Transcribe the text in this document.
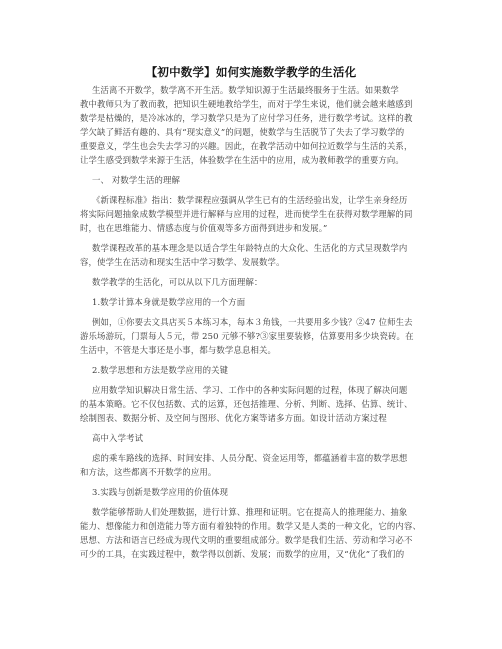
【初中数学】如何实施数学教学的生活化
生活离不开数学，数学离不开生活。数学知识源于生活最终服务于生活。如果数学
教中教师只为了教而教，把知识生硬地教给学生，而对于学生来说，他们就会越来越感到
数学是枯燥的，是冷冰冰的，学习数学只是为了应付学习任务，进行数学考试。这样的教
学欠缺了鲜活有趣的、具有“现实意义”的问题，使数学与生活脱节了失去了学习数学的
重要意义，学生也会失去学习的兴趣。因此，在教学活动中如何拉近数学与生活的关系，
让学生感受到数学来源于生活，体验数学在生活中的应用，成为教师教学的重要方向。
一、 对数学生活的理解
《新课程标准》指出：数学课程应强调从学生已有的生活经验出发，让学生亲身经历
将实际问题抽象成数学模型并进行解释与应用的过程，进而使学生在获得对数学理解的同
时，也在思维能力、情感态度与价值观等多方面得到进步和发展。”
数学课程改革的基本理念是以适合学生年龄特点的大众化、生活化的方式呈现数学内
容，使学生在活动和现实生活中学习数学、发展数学。
数学教学的生活化，可以从以下几方面理解：
1.数学计算本身就是数学应用的一个方面
例如，①你要去文具店买５本练习本，每本３角钱，一共要用多少钱？②47 位师生去
游乐场游玩，门票每人５元，带 250 元够不够?③家里要装修，估算要用多少块瓷砖。在
生活中，不管是大事还是小事，都与数学息息相关。
2.数学思想和方法是数学应用的关键
应用数学知识解决日常生活、学习、工作中的各种实际问题的过程，体现了解决问题
的基本策略。它不仅包括数、式的运算，还包括推理、分析、判断、选择、估算、统计、
绘制图表、数据分析、及空间与图形、优化方案等诸多方面。如设计活动方案过程
高中入学考试
虑的乘车路线的选择、时间安排、人员分配、资金运用等，都蕴涵着丰富的数学思想
和方法，这些都离不开数学的应用。
3.实践与创新是数学应用的价值体现
数学能够帮助人们处理数据，进行计算、推理和证明。它在提高人的推理能力、抽象
能力、想像能力和创造能力等方面有着独特的作用。数学又是人类的一种文化，它的内容、
思想、方法和语言已经成为现代文明的重要组成部分。数学是我们生活、劳动和学习必不
可少的工具，在实践过程中，数学得以创新、发展；而数学的应用，又“优化”了我们的
